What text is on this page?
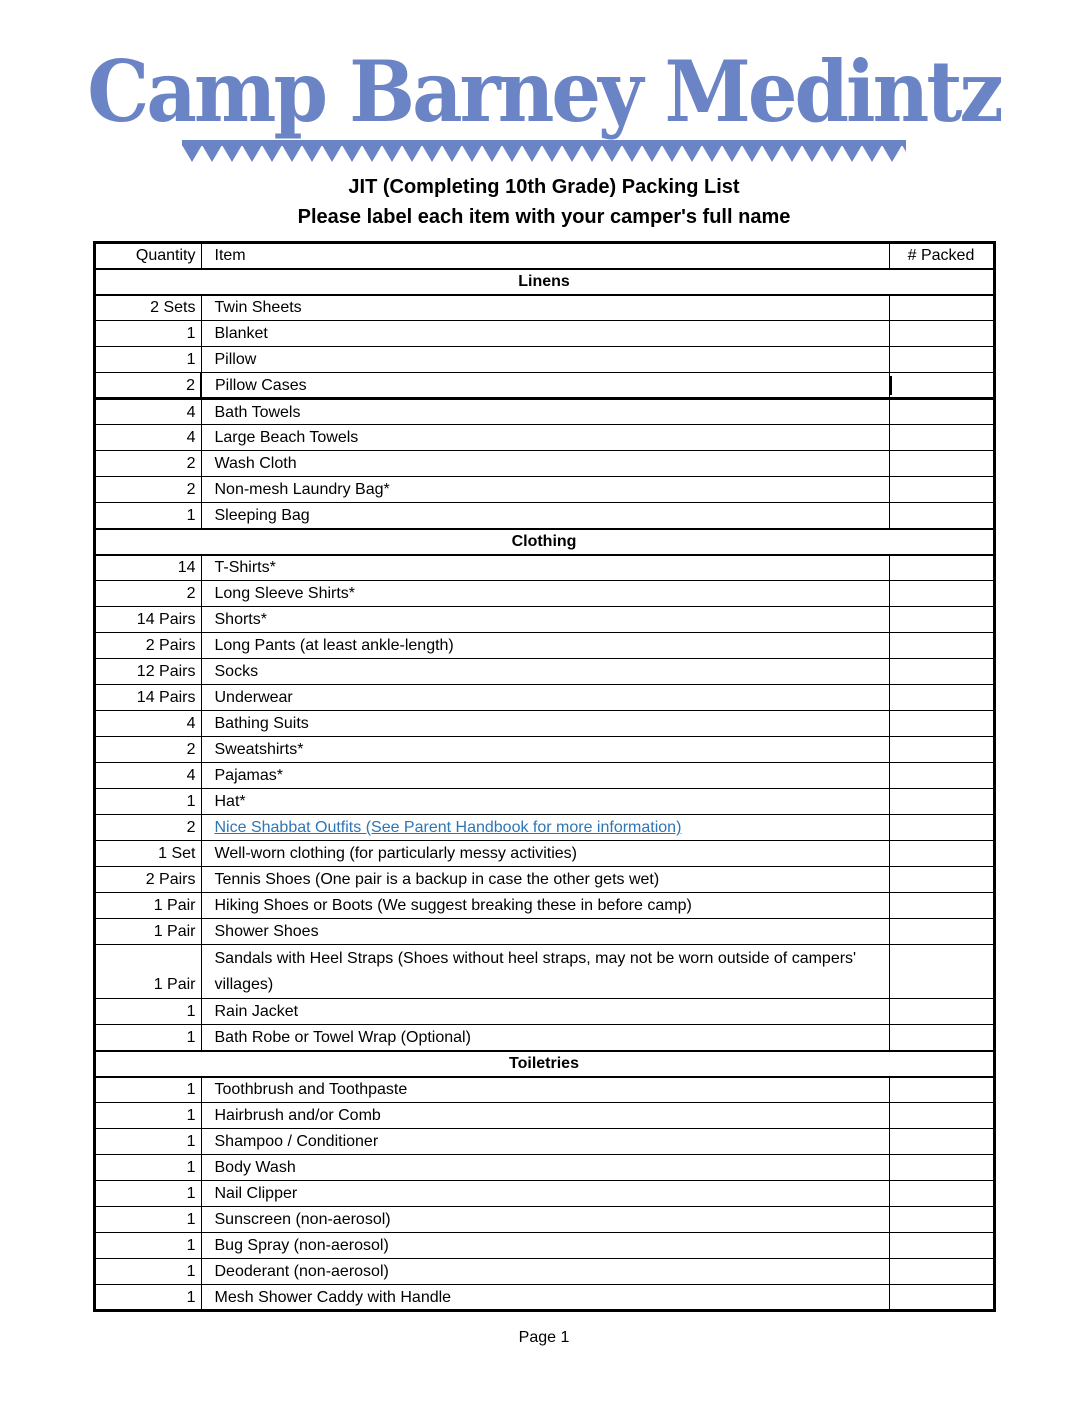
Camp Barney Medintz
JIT (Completing 10th Grade) Packing List
Please label each item with your camper's full name
Quantity	Item	# Packed
Linens		
2 Sets	Twin Sheets	
1	Blanket	
1	Pillow	
2	Pillow Cases	

4	Bath Towels	
4	Large Beach Towels	
2	Wash Cloth	
2	Non-mesh Laundry Bag*	
1	Sleeping Bag	
Clothing		
14	T-Shirts*	
2	Long Sleeve Shirts*	
14 Pairs	Shorts*	
2 Pairs	Long Pants (at least ankle-length)	
12 Pairs	Socks	
14 Pairs	Underwear	
4	Bathing Suits	
2	Sweatshirts*	
4	Pajamas*	
1	Hat*	
2	Nice Shabbat Outfits (See Parent Handbook for more information)	
1 Set	Well-worn clothing (for particularly messy activities)	
2 Pairs	Tennis Shoes (One pair is a backup in case the other gets wet)	
1 Pair	Hiking Shoes or Boots (We suggest breaking these in before camp)	
1 Pair	Shower Shoes	
1 Pair	Sandals with Heel Straps (Shoes without heel straps, may not be worn outside of campers' villages)	
1	Rain Jacket	
1	Bath Robe or Towel Wrap (Optional)	
Toiletries		
1	Toothbrush and Toothpaste	
1	Hairbrush and/or Comb	
1	Shampoo / Conditioner	
1	Body Wash	
1	Nail Clipper	
1	Sunscreen (non-aerosol)	
1	Bug Spray (non-aerosol)	
1	Deoderant (non-aerosol)	
1	Mesh Shower Caddy with Handle	
Page 1
